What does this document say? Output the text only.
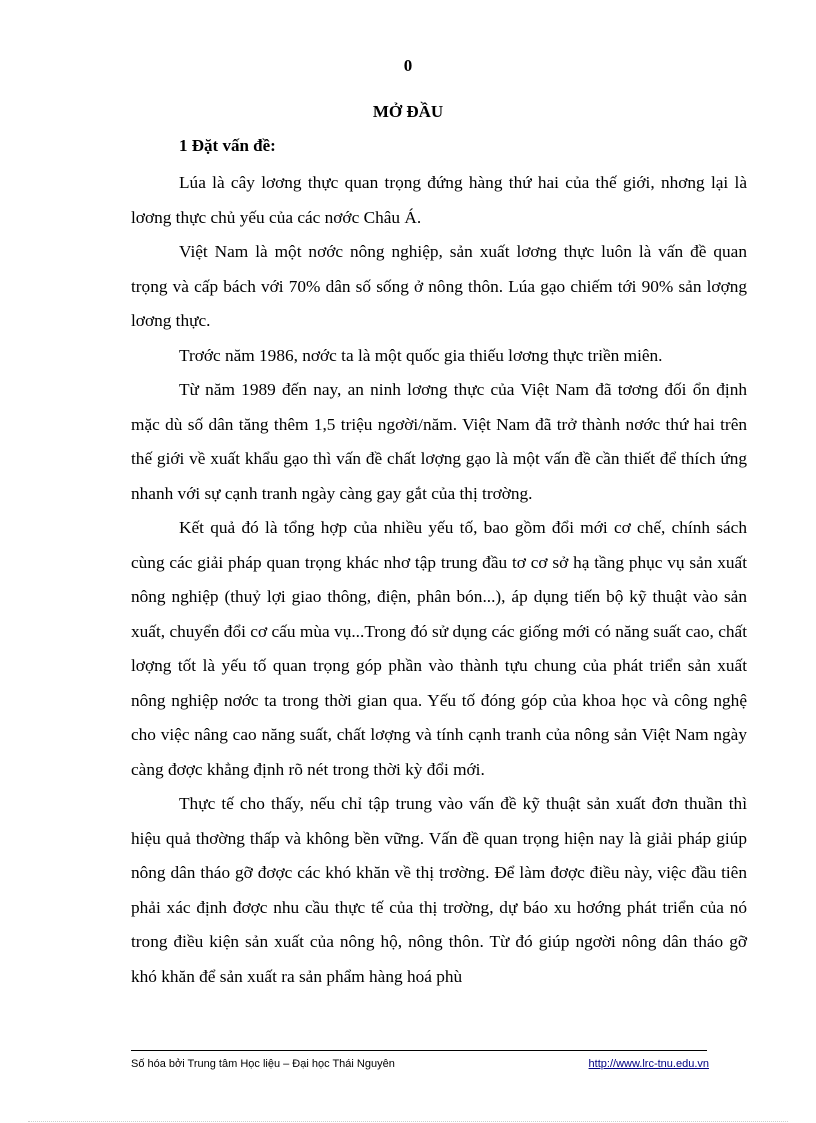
0
MỞ ĐẦU
1 Đặt vấn đề:

Lúa là cây lơơng thực quan trọng đứng hàng thứ hai của thế giới, nhơng lại là lơơng thực chủ yếu của các nơớc Châu Á.

Việt Nam là một nơớc nông nghiệp, sản xuất lơơng thực luôn là vấn đề quan trọng và cấp bách với 70% dân số sống ở nông thôn. Lúa gạo chiếm tới 90% sản lơợng lơơng thực.

Trơớc năm 1986, nơớc ta là một quốc gia thiếu lơơng thực triền miên.

Từ năm 1989 đến nay, an ninh lơơng thực của Việt Nam đã tơơng đối ổn định mặc dù số dân tăng thêm 1,5 triệu ngơời/năm. Việt Nam đã trở thành nơớc thứ hai trên thế giới về xuất khẩu gạo thì vấn đề chất lơợng gạo là một vấn đề cần thiết để thích ứng nhanh với sự cạnh tranh ngày càng gay gắt của thị trơờng.

Kết quả đó là tổng hợp của nhiều yếu tố, bao gồm đổi mới cơ chế, chính sách cùng các giải pháp quan trọng khác nhơ tập trung đầu tơ cơ sở hạ tầng phục vụ sản xuất nông nghiệp (thuỷ lợi giao thông, điện, phân bón...), áp dụng tiến bộ kỹ thuật vào sản xuất, chuyển đổi cơ cấu mùa vụ...Trong đó sử dụng các giống mới có năng suất cao, chất lơợng tốt là yếu tố quan trọng góp phần vào thành tựu chung của phát triển sản xuất nông nghiệp nơớc ta trong thời gian qua. Yếu tố đóng góp của khoa học và công nghệ cho việc nâng cao năng suất, chất lơợng và tính cạnh tranh của nông sản Việt Nam ngày càng đơợc khẳng định rõ nét trong thời kỳ đổi mới.

Thực tế cho thấy, nếu chỉ tập trung vào vấn đề kỹ thuật sản xuất đơn thuần thì hiệu quả thơờng thấp và không bền vững. Vấn đề quan trọng hiện nay là giải pháp giúp nông dân tháo gỡ đơợc các khó khăn về thị trơờng. Để làm đơợc điều này, việc đầu tiên phải xác định đơợc nhu cầu thực tế của thị trơờng, dự báo xu hơớng phát triển của nó trong điều kiện sản xuất của nông hộ, nông thôn. Từ đó giúp ngơời nông dân tháo gỡ khó khăn để sản xuất ra sản phẩm hàng hoá phù

Số hóa bởi Trung tâm Học liệu – Đại học Thái Nguyên	http://www.lrc-tnu.edu.vn
